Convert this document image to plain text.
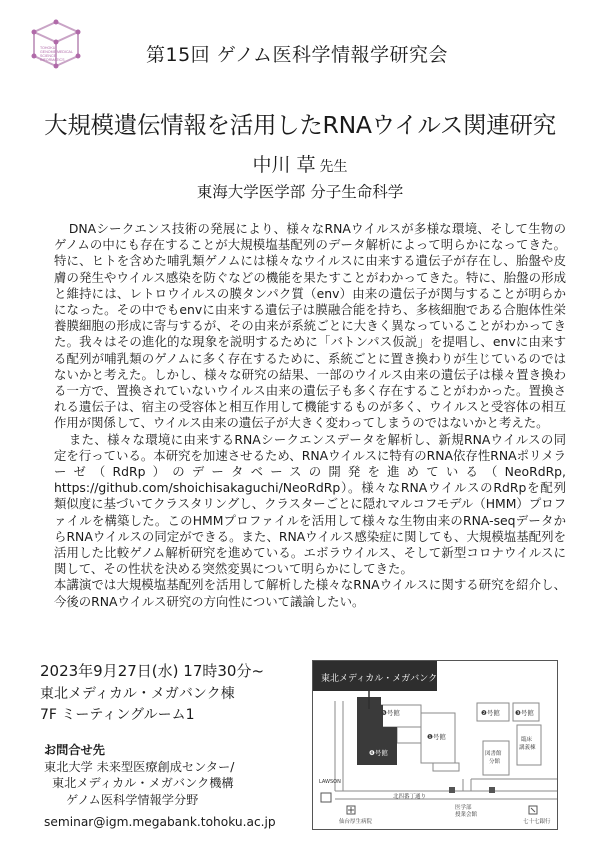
TOHOKU
GENOME MEDICAL
SCIENCE
INFORMATICS	第15回 ゲノム医科学情報学研究会
大規模遺伝情報を活用したRNAウイルス関連研究
中川 草 先生
東海大学医学部 分子生命科学

DNAシークエンス技術の発展により、様々なRNAウイルスが多様な環境、そして生物のゲノムの中にも存在することが大規模塩基配列のデータ解析によって明らかになってきた。特に、ヒトを含めた哺乳類ゲノムには様々なウイルスに由来する遺伝子が存在し、胎盤や皮膚の発生やウイルス感染を防ぐなどの機能を果たすことがわかってきた。特に、胎盤の形成と維持には、レトロウイルスの膜タンパク質（env）由来の遺伝子が関与することが明らかになった。その中でもenvに由来する遺伝子は膜融合能を持ち、多核細胞である合胞体性栄養膜細胞の形成に寄与するが、その由来が系統ごとに大きく異なっていることがわかってきた。我々はその進化的な現象を説明するために「バトンパス仮説」を提唱し、envに由来する配列が哺乳類のゲノムに多く存在するために、系統ごとに置き換わりが生じているのではないかと考えた。しかし、様々な研究の結果、一部のウイルス由来の遺伝子は様々置き換わる一方で、置換されていないウイルス由来の遺伝子も多く存在することがわかった。置換される遺伝子は、宿主の受容体と相互作用して機能するものが多く、ウイルスと受容体の相互作用が関係して、ウイルス由来の遺伝子が大きく変わってしまうのではないかと考えた。

また、様々な環境に由来するRNAシークエンスデータを解析し、新規RNAウイルスの同定を行っている。本研究を加速させるため、RNAウイルスに特有のRNA依存性RNAポリメラーゼ（RdRp）のデータベースの開発を進めている（NeoRdRp, https://github.com/shoichisakaguchi/NeoRdRp）。様々なRNAウイルスのRdRpを配列類似度に基づいてクラスタリングし、クラスターごとに隠れマルコフモデル（HMM）プロファイルを構築した。このHMMプロファイルを活用して様々な生物由来のRNA-seqデータからRNAウイルスの同定ができる。また、RNAウイルス感染症に関しても、大規模塩基配列を活用した比較ゲノム解析研究を進めている。エボラウイルス、そして新型コロナウイルスに関して、その性状を決める突然変異について明らかにしてきた。

本講演では大規模塩基配列を活用して解析した様々なRNAウイルスに関する研究を紹介し、今後のRNAウイルス研究の方向性について議論したい。

2023年9月27日(水) 17時30分~
東北メディカル・メガバンク棟
7F ミーティングルーム1
お問合せ先
東北大学 未来型医療創成センター/
東北メディカル・メガバンク機構
ゲノム医科学情報学分野
seminar@igm.megabank.tohoku.ac.jp
東北メディカル・メガバンク棟
❺号館
❻号館
❶号館
❷号館 ❸号館
臨床
講義棟
図書館
分館
LAWSON
北四番丁通り
医学部
授業会館
仙台厚生病院	七十七銀行
